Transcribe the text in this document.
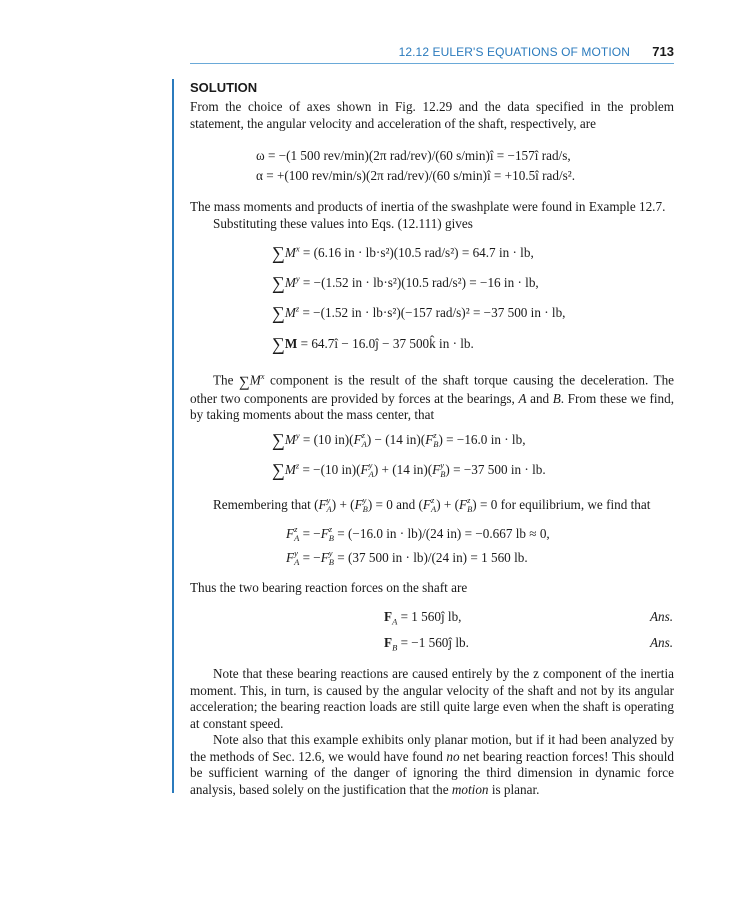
12.12 EULER'S EQUATIONS OF MOTION 713
SOLUTION
From the choice of axes shown in Fig. 12.29 and the data specified in the problem statement, the angular velocity and acceleration of the shaft, respectively, are
ω = −(1 500 rev/min)(2π rad/rev)/(60 s/min)î = −157î rad/s,
α = +(100 rev/min/s)(2π rad/rev)/(60 s/min)î = +10.5î rad/s².
The mass moments and products of inertia of the swashplate were found in Example 12.7.
Substituting these values into Eqs. (12.111) gives
$\sum M^x = (6.16$ in · lb·s²)(10.5 rad/s²) = 64.7 in · lb,
$\sum M^y = -(1.52$ in · lb·s²)(10.5 rad/s²) = −16 in · lb,
$\sum M^z = -(1.52$ in · lb·s²)(−157 rad/s)² = −37 500 in · lb,
∑M = 64.7î − 16.0ĵ − 37 500k̂ in · lb.
The $\sum M^x$ component is the result of the shaft torque causing the deceleration. The other two components are provided by forces at the bearings, A and B. From these we find, by taking moments about the mass center, that
$\sum M^y = (10$ in)(F z
A ) − (14 in)(F z
B ) = −16.0 in · lb,
$\sum M^z = -(10$ in)(F y
A ) + (14 in)(F y
B ) = −37 500 in · lb.
Remembering that (F y
A ) + (F y
B ) = 0 and (F z
A ) + (F z
B ) = 0 for equilibrium, we find that
F z
A = −F z
B = (−16.0 in · lb)/(24 in) = −0.667 lb ≈ 0,
F y
A = −F y
B = (37 500 in · lb)/(24 in) = 1 560 lb.
Thus the two bearing reaction forces on the shaft are
$F_A = 1$ 560ĵ lb,	Ans.
$F_B = -1$ 560ĵ lb.	Ans.
Note that these bearing reactions are caused entirely by the z component of the inertia moment. This, in turn, is caused by the angular velocity of the shaft and not by its angular acceleration; the bearing reaction loads are still quite large even when the shaft is operating at constant speed.
Note also that this example exhibits only planar motion, but if it had been analyzed by the methods of Sec. 12.6, we would have found no net bearing reaction forces! This should be sufficient warning of the danger of ignoring the third dimension in dynamic force analysis, based solely on the justification that the motion is planar.
